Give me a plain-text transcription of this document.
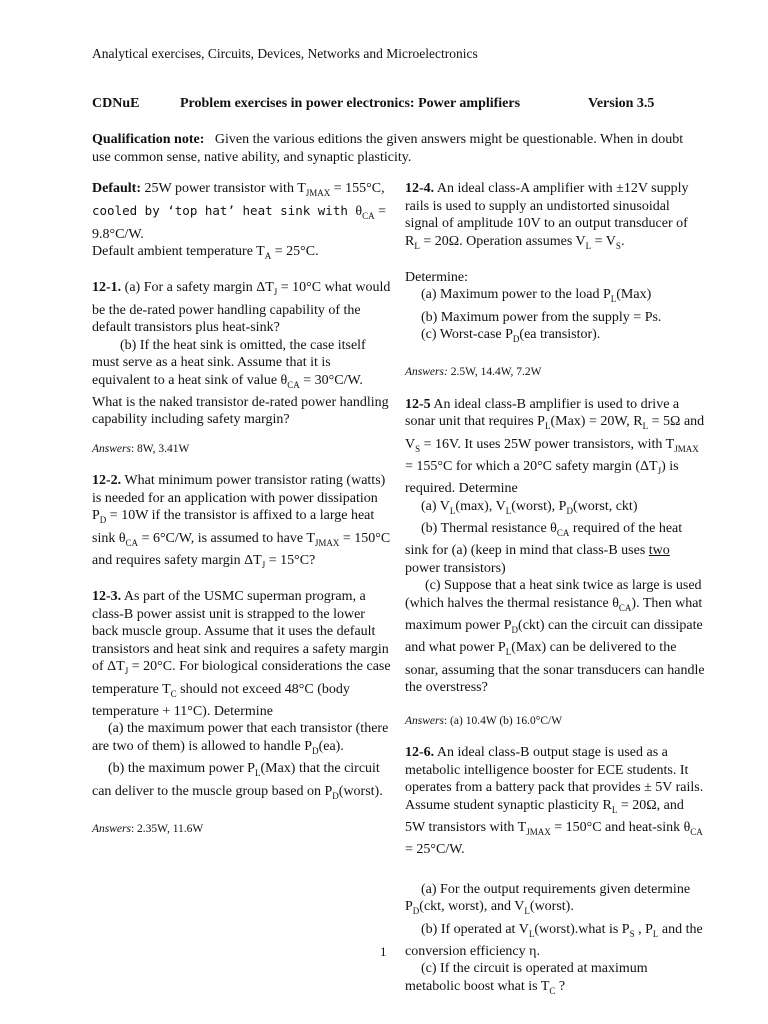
Analytical exercises, Circuits, Devices, Networks and Microelectronics
CDNuE	Problem exercises in power electronics: Power amplifiers	Version 3.5
Qualification note: Given the various editions the given answers might be questionable. When in doubt use common sense, native ability, and synaptic plasticity.
Default: 25W power transistor with $T_{JMAX} = 155^\circ C$,
cooled by ‘top hat’ heat sink with $\theta_{CA} = 9.8^\circ C/W$.
Default ambient temperature $T_A = 25^\circ C$.
12-1. (a) For a safety margin $\Delta T_J = 10^\circ C$ what would be the de-rated power handling capability of the default transistors plus heat-sink?
(b) If the heat sink is omitted, the case itself must serve as a heat sink. Assume that it is equivalent to a heat sink of value $\theta_{CA} = 30^\circ C/W$. What is the naked transistor de-rated power handling capability including safety margin?
Answers: 8W, 3.41W
12-2. What minimum power transistor rating (watts) is needed for an application with power dissipation $P_D = 10W$ if the transistor is affixed to a large heat sink $\theta_{CA} = 6^\circ C/W$, is assumed to have $T_{JMAX} = 150^\circ C$ and requires safety margin $\Delta T_J = 15^\circ C$?
12-3. As part of the USMC superman program, a class-B power assist unit is strapped to the lower back muscle group. Assume that it uses the default transistors and heat sink and requires a safety margin of $\Delta T_J = 20^\circ C$. For biological considerations the case temperature $T_C$ should not exceed 48°C (body temperature + 11°C). Determine
(a) the maximum power that each transistor (there are two of them) is allowed to handle $P_D(ea)$.
(b) the maximum power $P_L(Max)$ that the circuit can deliver to the muscle group based on $P_D(worst)$.
Answers: 2.35W, 11.6W
12-4. An ideal class-A amplifier with ±12V supply rails is used to supply an undistorted sinusoidal signal of amplitude 10V to an output transducer of $R_L = 20\Omega$. Operation assumes $V_L = V_S$.
Determine:
(a) Maximum power to the load $P_L(Max)$
(b) Maximum power from the supply = Ps.
(c) Worst-case $P_D(ea$ transistor).
Answers: 2.5W, 14.4W, 7.2W
12-5 An ideal class-B amplifier is used to drive a sonar unit that requires $P_L(Max) = 20W$, $R_L = 5\Omega$ and $V_S = 16V$. It uses 25W power transistors, with $T_{JMAX} = 155^\circ C$ for which a 20°C safety margin $(\Delta T_J)$ is required. Determine
(a) $V_L(\max)$, $V_L(worst)$, $P_D(worst$, ckt)
(b) Thermal resistance $\theta_{CA}$ required of the heat sink for (a) (keep in mind that class-B uses two power transistors)
(c) Suppose that a heat sink twice as large is used (which halves the thermal resistance $\theta_{CA}$). Then what maximum power $P_D(ckt)$ can the circuit can dissipate and what power $P_L(Max)$ can be delivered to the sonar, assuming that the sonar transducers can handle the overstress?
Answers: (a) 10.4W (b) 16.0°C/W
12-6. An ideal class-B output stage is used as a metabolic intelligence booster for ECE students. It operates from a battery pack that provides ± 5V rails. Assume student synaptic plasticity $R_L = 20\Omega$, and 5W transistors with $T_{JMAX} = 150^\circ C$ and heat-sink $\theta_{CA} = 25^\circ C/W$.
(a) For the output requirements given determine $P_D(ckt$, worst), and $V_L(worst)$.
(b) If operated at $V_L(worst).what$ is $P_S$ , $P_L$ and the conversion efficiency η.
(c) If the circuit is operated at maximum metabolic boost what is $T_C$ ?
1
